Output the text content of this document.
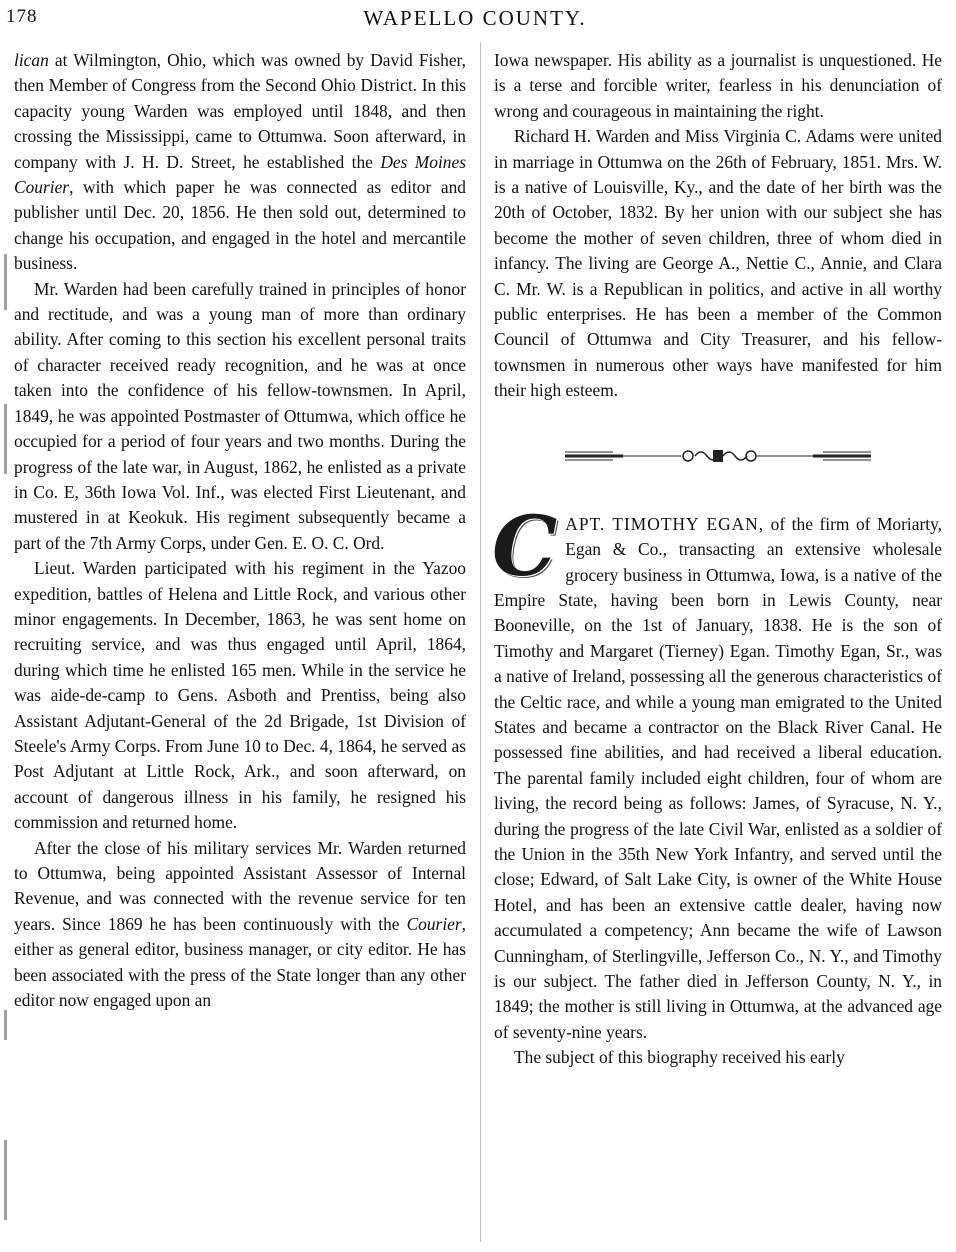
178	WAPELLO COUNTY.

lican at Wilmington, Ohio, which was owned by David Fisher, then Member of Congress from the Second Ohio District. In this capacity young Warden was employed until 1848, and then crossing the Mississippi, came to Ottumwa. Soon afterward, in company with J. H. D. Street, he established the Des Moines Courier, with which paper he was connected as editor and publisher until Dec. 20, 1856. He then sold out, determined to change his occupation, and engaged in the hotel and mercantile business.

Mr. Warden had been carefully trained in principles of honor and rectitude, and was a young man of more than ordinary ability. After coming to this section his excellent personal traits of character received ready recognition, and he was at once taken into the confidence of his fellow-townsmen. In April, 1849, he was appointed Postmaster of Ottumwa, which office he occupied for a period of four years and two months. During the progress of the late war, in August, 1862, he enlisted as a private in Co. E, 36th Iowa Vol. Inf., was elected First Lieutenant, and mustered in at Keokuk. His regiment subsequently became a part of the 7th Army Corps, under Gen. E. O. C. Ord.

Lieut. Warden participated with his regiment in the Yazoo expedition, battles of Helena and Little Rock, and various other minor engagements. In December, 1863, he was sent home on recruiting service, and was thus engaged until April, 1864, during which time he enlisted 165 men. While in the service he was aide-de-camp to Gens. Asboth and Prentiss, being also Assistant Adjutant-General of the 2d Brigade, 1st Division of Steele's Army Corps. From June 10 to Dec. 4, 1864, he served as Post Adjutant at Little Rock, Ark., and soon afterward, on account of dangerous illness in his family, he resigned his commission and returned home.

After the close of his military services Mr. Warden returned to Ottumwa, being appointed Assistant Assessor of Internal Revenue, and was connected with the revenue service for ten years. Since 1869 he has been continuously with the Courier, either as general editor, business manager, or city editor. He has been associated with the press of the State longer than any other editor now engaged upon an

Iowa newspaper. His ability as a journalist is unquestioned. He is a terse and forcible writer, fearless in his denunciation of wrong and courageous in maintaining the right.

Richard H. Warden and Miss Virginia C. Adams were united in marriage in Ottumwa on the 26th of February, 1851. Mrs. W. is a native of Louisville, Ky., and the date of her birth was the 20th of October, 1832. By her union with our subject she has become the mother of seven children, three of whom died in infancy. The living are George A., Nettie C., Annie, and Clara C. Mr. W. is a Republican in politics, and active in all worthy public enterprises. He has been a member of the Common Council of Ottumwa and City Treasurer, and his fellow-townsmen in numerous other ways have manifested for him their high esteem.

CAPT. TIMOTHY EGAN, of the firm of Moriarty, Egan & Co., transacting an extensive wholesale grocery business in Ottumwa, Iowa, is a native of the Empire State, having been born in Lewis County, near Booneville, on the 1st of January, 1838. He is the son of Timothy and Margaret (Tierney) Egan. Timothy Egan, Sr., was a native of Ireland, possessing all the generous characteristics of the Celtic race, and while a young man emigrated to the United States and became a contractor on the Black River Canal. He possessed fine abilities, and had received a liberal education. The parental family included eight children, four of whom are living, the record being as follows: James, of Syracuse, N. Y., during the progress of the late Civil War, enlisted as a soldier of the Union in the 35th New York Infantry, and served until the close; Edward, of Salt Lake City, is owner of the White House Hotel, and has been an extensive cattle dealer, having now accumulated a competency; Ann became the wife of Lawson Cunningham, of Sterlingville, Jefferson Co., N. Y., and Timothy is our subject. The father died in Jefferson County, N. Y., in 1849; the mother is still living in Ottumwa, at the advanced age of seventy-nine years.

The subject of this biography received his early
